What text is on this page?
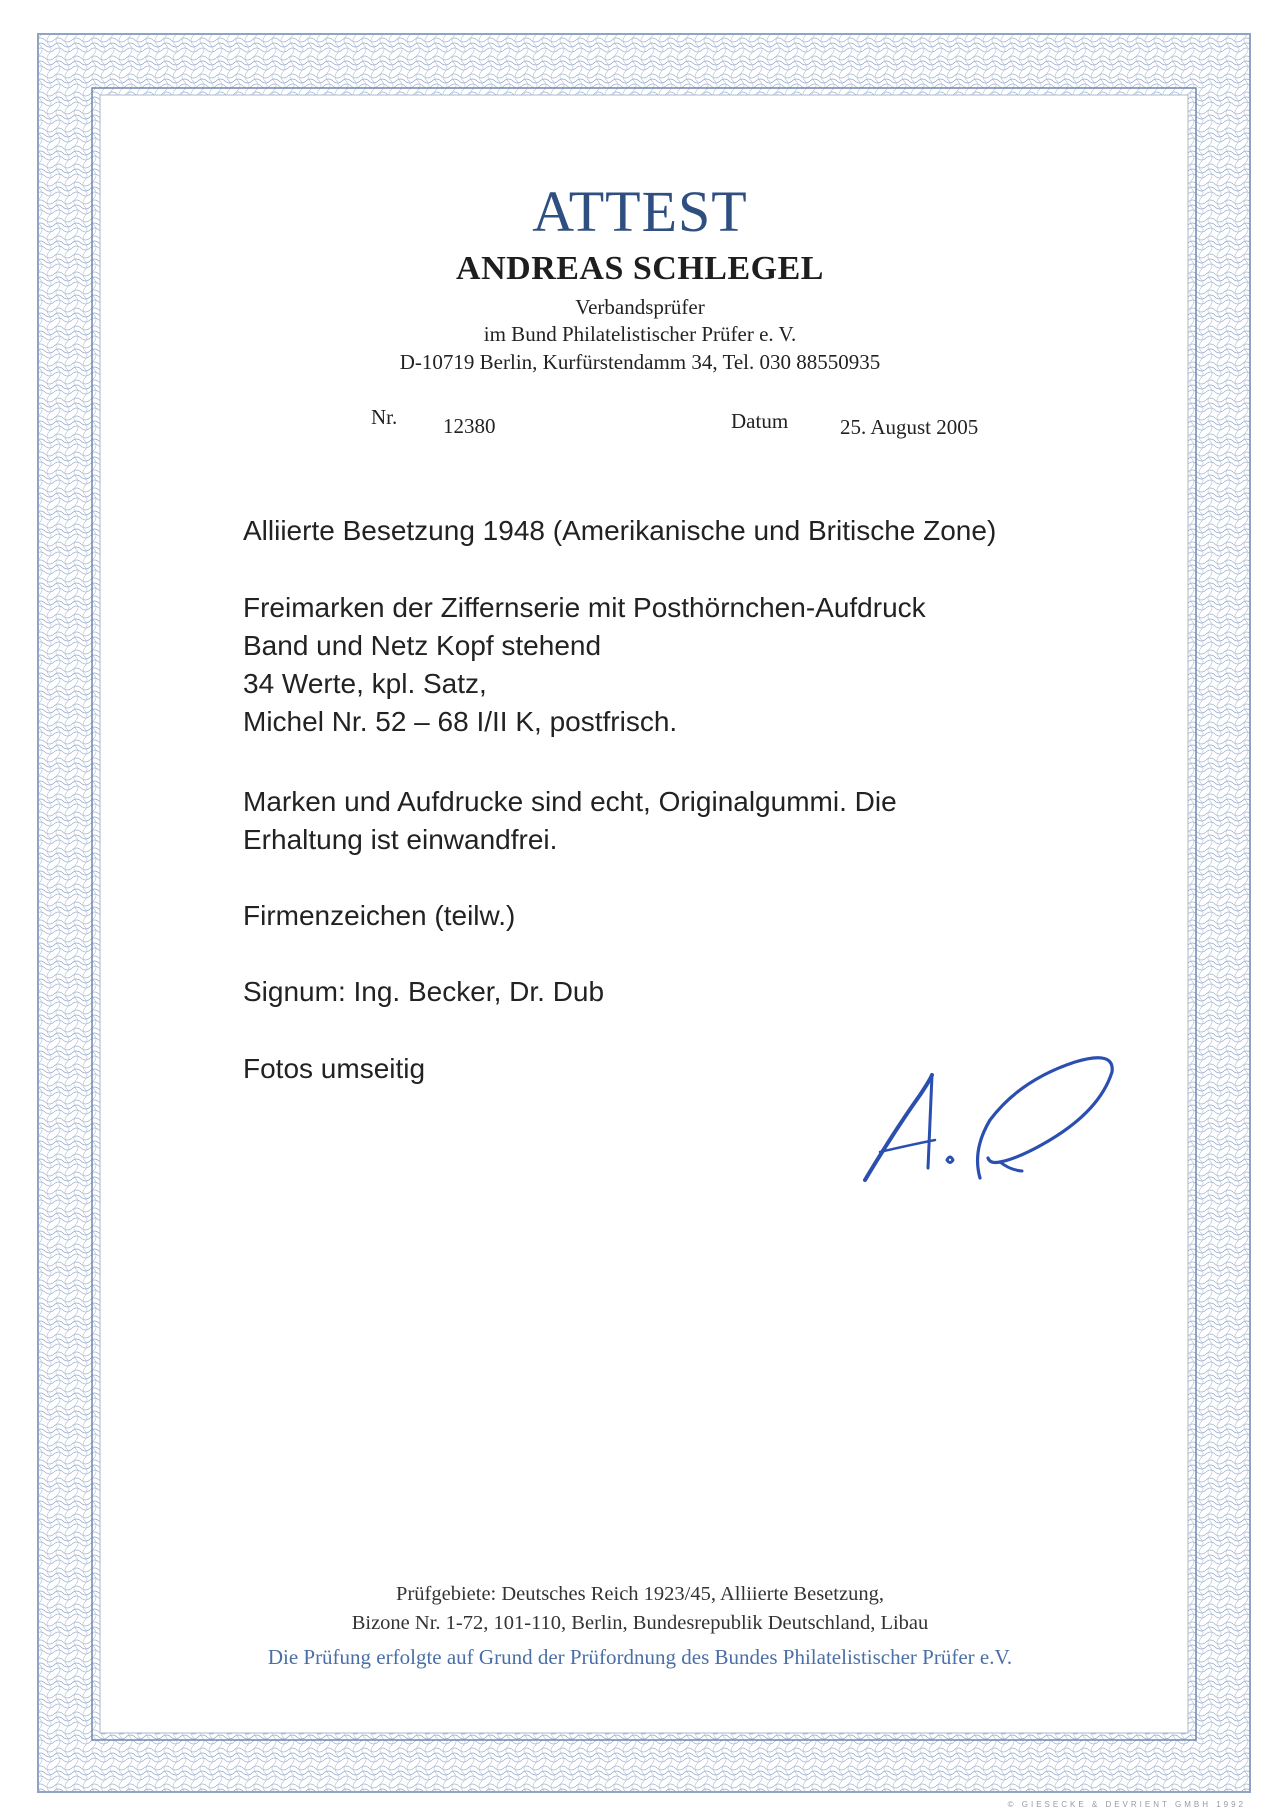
ATTEST
ANDREAS SCHLEGEL
Verbandsprüfer
im Bund Philatelistischer Prüfer e. V.
D-10719 Berlin, Kurfürstendamm 34, Tel. 030 88550935
Nr. 12380	Datum 25. August 2005
Alliierte Besetzung 1948 (Amerikanische und Britische Zone)
Freimarken der Ziffernserie mit Posthörnchen-Aufdruck
Band und Netz Kopf stehend
34 Werte, kpl. Satz,
Michel Nr. 52 – 68 I/II K, postfrisch.
Marken und Aufdrucke sind echt, Originalgummi. Die
Erhaltung ist einwandfrei.
Firmenzeichen (teilw.)
Signum: Ing. Becker, Dr. Dub
Fotos umseitig
Prüfgebiete: Deutsches Reich 1923/45, Alliierte Besetzung,
Bizone Nr. 1-72, 101-110, Berlin, Bundesrepublik Deutschland, Libau
Die Prüfung erfolgte auf Grund der Prüfordnung des Bundes Philatelistischer Prüfer e.V.
© GIESECKE & DEVRIENT GMBH 1992
